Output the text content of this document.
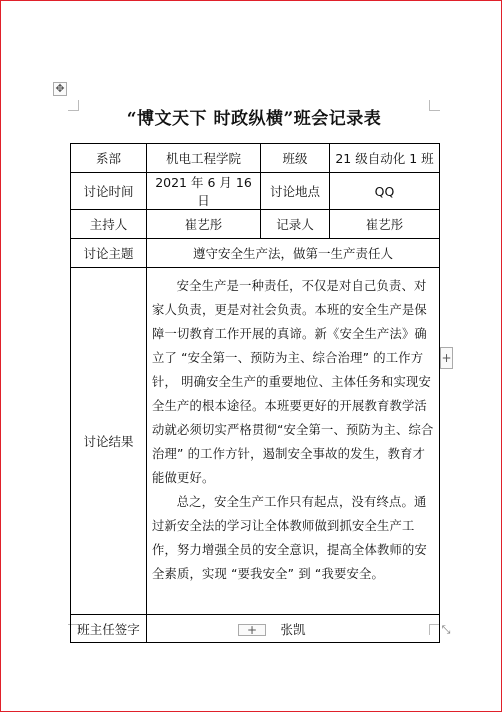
✥
“博文天下 时政纵横”班会记录表
系部	机电工程学院	班级	21 级自动化 1 班
讨论时间	2021 年 6 月 16 日	讨论地点	QQ
主持人	崔艺彤	记录人	崔艺彤
讨论主题	遵守安全生产法，做第一生产责任人		
讨论结果	安全生产是一种责任，不仅是对自己负责、对家人负责，更是对社会负责。本班的安全生产是保障一切教育工作开展的真谛。新《安全生产法》确立了 “安全第一、预防为主、综合治理” 的工作方针， 明确安全生产的重要地位、主体任务和实现安全生产的根本途径。本班要更好的开展教育教学活动就必须切实严格贯彻“安全第一、预防为主、综合治理” 的工作方针，遏制安全事故的发生，教育才能做更好。

总之，安全生产工作只有起点，没有终点。通过新安全法的学习让全体教师做到抓安全生产工作，努力增强全员的安全意识，提高全体教师的安全素质，实现 “要我安全” 到 “我要安全。		

班主任签字	张凯		
+
+	⤡
